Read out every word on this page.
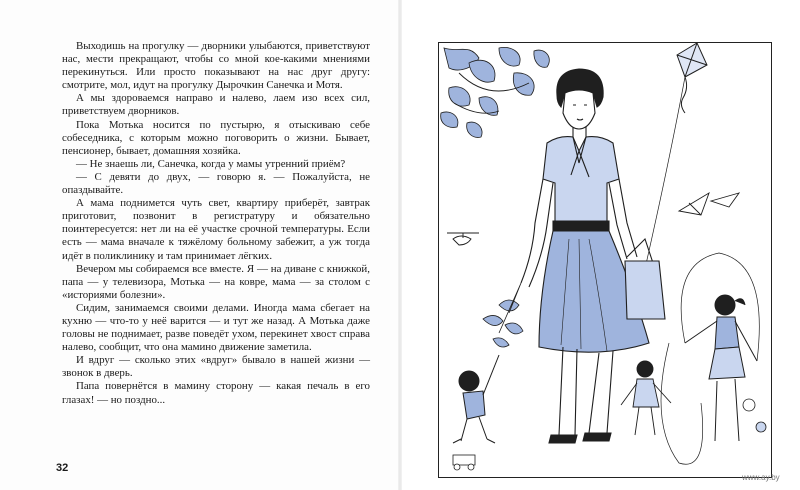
Выходишь на прогулку — дворники улыбаются, приветствуют нас, мести прекращают, чтобы со мной кое-какими мнениями перекинуться. Или просто показывают на нас друг другу: смотрите, мол, идут на прогулку Дырочкин Санечка и Мотя.

А мы здороваемся направо и налево, лаем изо всех сил, приветствуем дворников.

Пока Мотька носится по пустырю, я отыскиваю себе собеседника, с которым можно поговорить о жизни. Бывает, пенсионер, бывает, домашняя хозяйка.

— Не знаешь ли, Санечка, когда у мамы утренний приём?

— С девяти до двух, — говорю я. — Пожалуйста, не опаздывайте.

А мама поднимется чуть свет, квартиру приберёт, завтрак приготовит, позвонит в регистратуру и обязательно поинтересуется: нет ли на её участке срочной температуры. Если есть — мама вначале к тяжёлому больному забежит, а уж тогда идёт в поликлинику и там принимает лёгких.

Вечером мы собираемся все вместе. Я — на диване с книжкой, папа — у телевизора, Мотька — на ковре, мама — за столом с «историями болезни».

Сидим, занимаемся своими делами. Иногда мама сбегает на кухню — что-то у неё варится — и тут же назад. А Мотька даже головы не поднимает, разве поведёт ухом, перекинет хвост справа налево, сообщит, что она мамино движение заметила.

И вдруг — сколько этих «вдруг» бывало в нашей жизни — звонок в дверь.

Папа повернётся в мамину сторону — какая печаль в его глазах! — но поздно...

32
www.ay.by
